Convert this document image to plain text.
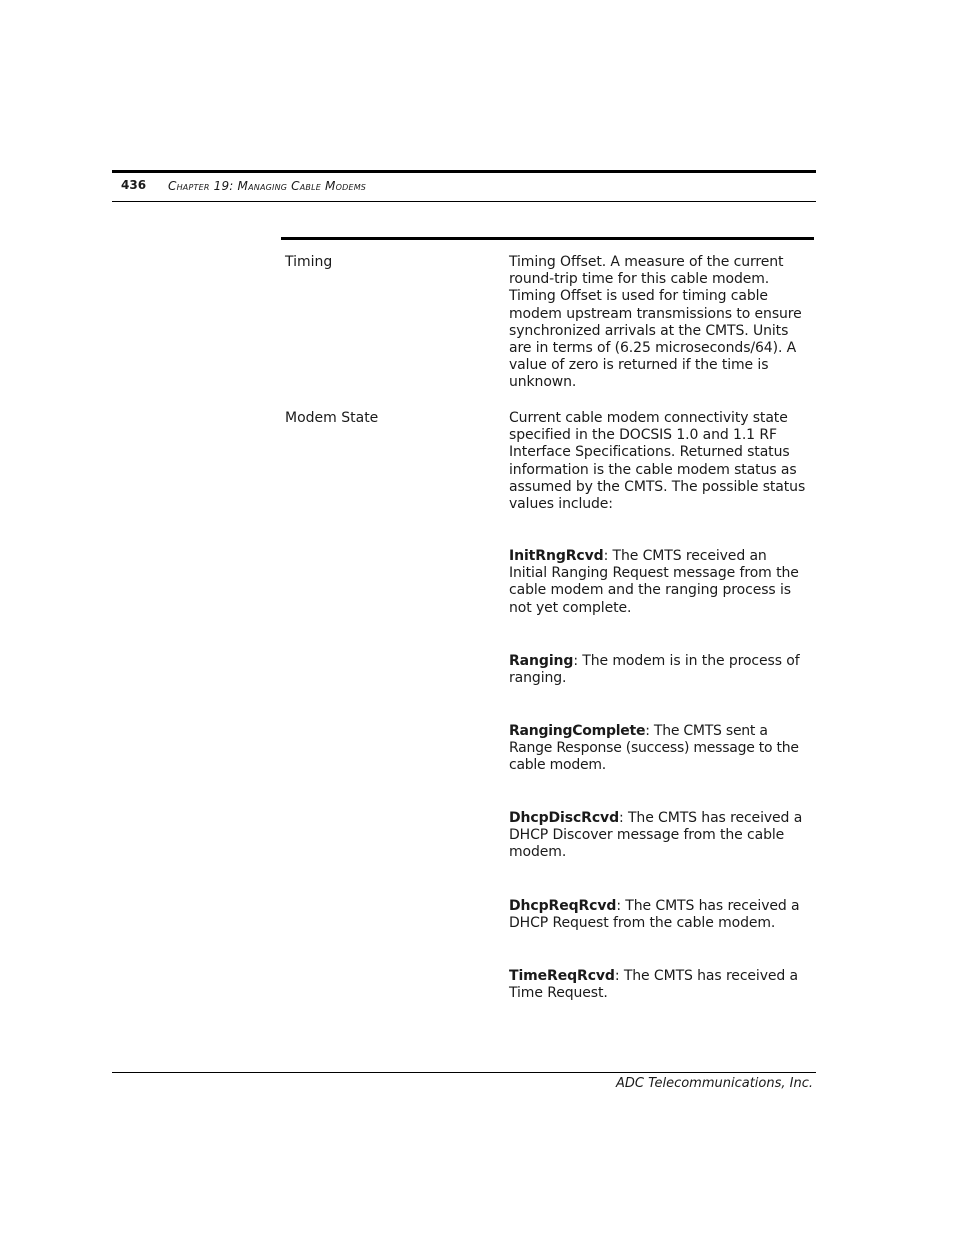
436 Chapter 19: Managing Cable Modems
Timing	Timing Offset. A measure of the current round-trip time for this cable modem. Timing Offset is used for timing cable modem upstream transmissions to ensure synchronized arrivals at the CMTS. Units are in terms of (6.25 microseconds/64). A value of zero is returned if the time is unknown.
Modem State	Current cable modem connectivity state specified in the DOCSIS 1.0 and 1.1 RF Interface Specifications. Returned status information is the cable modem status as assumed by the CMTS. The possible status values include:
InitRngRcvd: The CMTS received an Initial Ranging Request message from the cable modem and the ranging process is not yet complete.
Ranging: The modem is in the process of ranging.
RangingComplete: The CMTS sent a Range Response (success) message to the cable modem.
DhcpDiscRcvd: The CMTS has received a DHCP Discover message from the cable modem.
DhcpReqRcvd: The CMTS has received a DHCP Request from the cable modem.
TimeReqRcvd: The CMTS has received a Time Request.
ADC Telecommunications, Inc.
